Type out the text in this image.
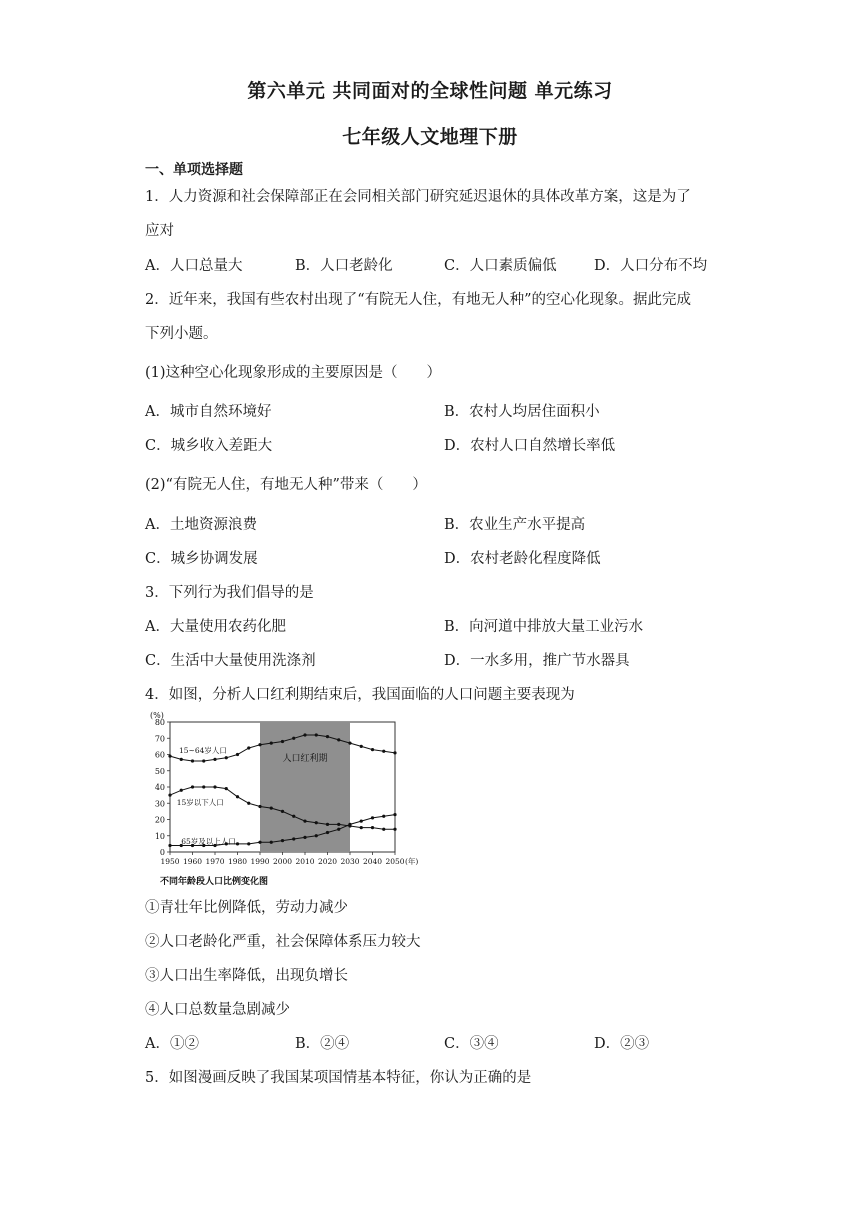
第六单元 共同面对的全球性问题 单元练习
七年级人文地理下册
一、单项选择题
1．人力资源和社会保障部正在会同相关部门研究延迟退休的具体改革方案，这是为了
应对
A．人口总量大	B．人口老龄化	C．人口素质偏低	D．人口分布不均
2．近年来，我国有些农村出现了“有院无人住，有地无人种”的空心化现象。据此完成
下列小题。
(1)这种空心化现象形成的主要原因是（　　）
A．城市自然环境好	B．农村人均居住面积小
C．城乡收入差距大	D．农村人口自然增长率低
(2)“有院无人住，有地无人种”带来（　　）
A．土地资源浪费	B．农业生产水平提高
C．城乡协调发展	D．农村老龄化程度降低
3．下列行为我们倡导的是
A．大量使用农药化肥	B．向河道中排放大量工业污水
C．生活中大量使用洗涤剂	D．一水多用，推广节水器具
4．如图，分析人口红利期结束后，我国面临的人口问题主要表现为
人口红利期
0
10
20
30
40
50
60
70
80
1950 1960 1970 1980 1990 2000 2010 2020 2030 2040 2050 (年)
(%)
15~64岁人口
15岁以下人口
65岁及以上人口
不同年龄段人口比例变化图
①青壮年比例降低，劳动力减少
②人口老龄化严重，社会保障体系压力较大
③人口出生率降低，出现负增长
④人口总数量急剧减少
A．①②	B．②④	C．③④	D．②③
5．如图漫画反映了我国某项国情基本特征，你认为正确的是
